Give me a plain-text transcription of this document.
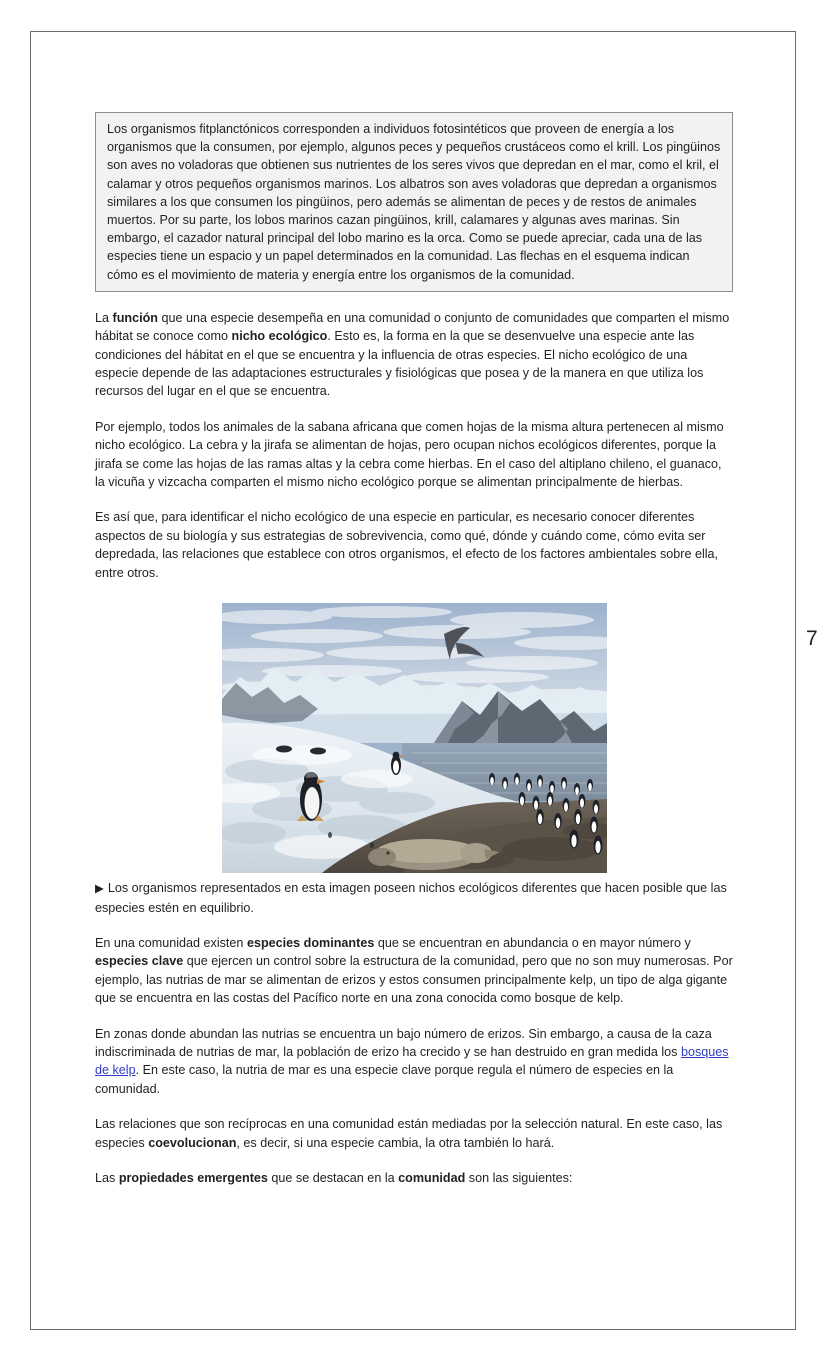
7

Los organismos fitplanctónicos corresponden a individuos fotosintéticos que proveen de energía a los organismos que la consumen, por ejemplo, algunos peces y pequeños crustáceos como el krill. Los pingüinos son aves no voladoras que obtienen sus nutrientes de los seres vivos que depredan en el mar, como el kril, el calamar y otros pequeños organismos marinos. Los albatros son aves voladoras que depredan a organismos similares a los que consumen los pingüinos, pero además se alimentan de peces y de restos de animales muertos. Por su parte, los lobos marinos cazan pingüinos, krill, calamares y algunas aves marinas. Sin embargo, el cazador natural principal del lobo marino es la orca. Como se puede apreciar, cada una de las especies tiene un espacio y un papel determinados en la comunidad. Las flechas en el esquema indican cómo es el movimiento de materia y energía entre los organismos de la comunidad.

La función que una especie desempeña en una comunidad o conjunto de comunidades que comparten el mismo hábitat se conoce como nicho ecológico. Esto es, la forma en la que se desenvuelve una especie ante las condiciones del hábitat en el que se encuentra y la influencia de otras especies. El nicho ecológico de una especie depende de las adaptaciones estructurales y fisiológicas que posea y de la manera en que utiliza los recursos del lugar en el que se encuentra.

Por ejemplo, todos los animales de la sabana africana que comen hojas de la misma altura pertenecen al mismo nicho ecológico. La cebra y la jirafa se alimentan de hojas, pero ocupan nichos ecológicos diferentes, porque la jirafa se come las hojas de las ramas altas y la cebra come hierbas. En el caso del altiplano chileno, el guanaco, la vicuña y vizcacha comparten el mismo nicho ecológico porque se alimentan principalmente de hierbas.

Es así que, para identificar el nicho ecológico de una especie en particular, es necesario conocer diferentes aspectos de su biología y sus estrategias de sobrevivencia, como qué, dónde y cuándo come, cómo evita ser depredada, las relaciones que establece con otros organismos, el efecto de los factores ambientales sobre ella, entre otros.

▶ Los organismos representados en esta imagen poseen nichos ecológicos diferentes que hacen posible que las especies estén en equilibrio.

En una comunidad existen especies dominantes que se encuentran en abundancia o en mayor número y especies clave que ejercen un control sobre la estructura de la comunidad, pero que no son muy numerosas. Por ejemplo, las nutrias de mar se alimentan de erizos y estos consumen principalmente kelp, un tipo de alga gigante que se encuentra en las costas del Pacífico norte en una zona conocida como bosque de kelp.

En zonas donde abundan las nutrias se encuentra un bajo número de erizos. Sin embargo, a causa de la caza indiscriminada de nutrias de mar, la población de erizo ha crecido y se han destruido en gran medida los bosques de kelp. En este caso, la nutria de mar es una especie clave porque regula el número de especies en la comunidad.

Las relaciones que son recíprocas en una comunidad están mediadas por la selección natural. En este caso, las especies coevolucionan, es decir, si una especie cambia, la otra también lo hará.

Las propiedades emergentes que se destacan en la comunidad son las siguientes:
